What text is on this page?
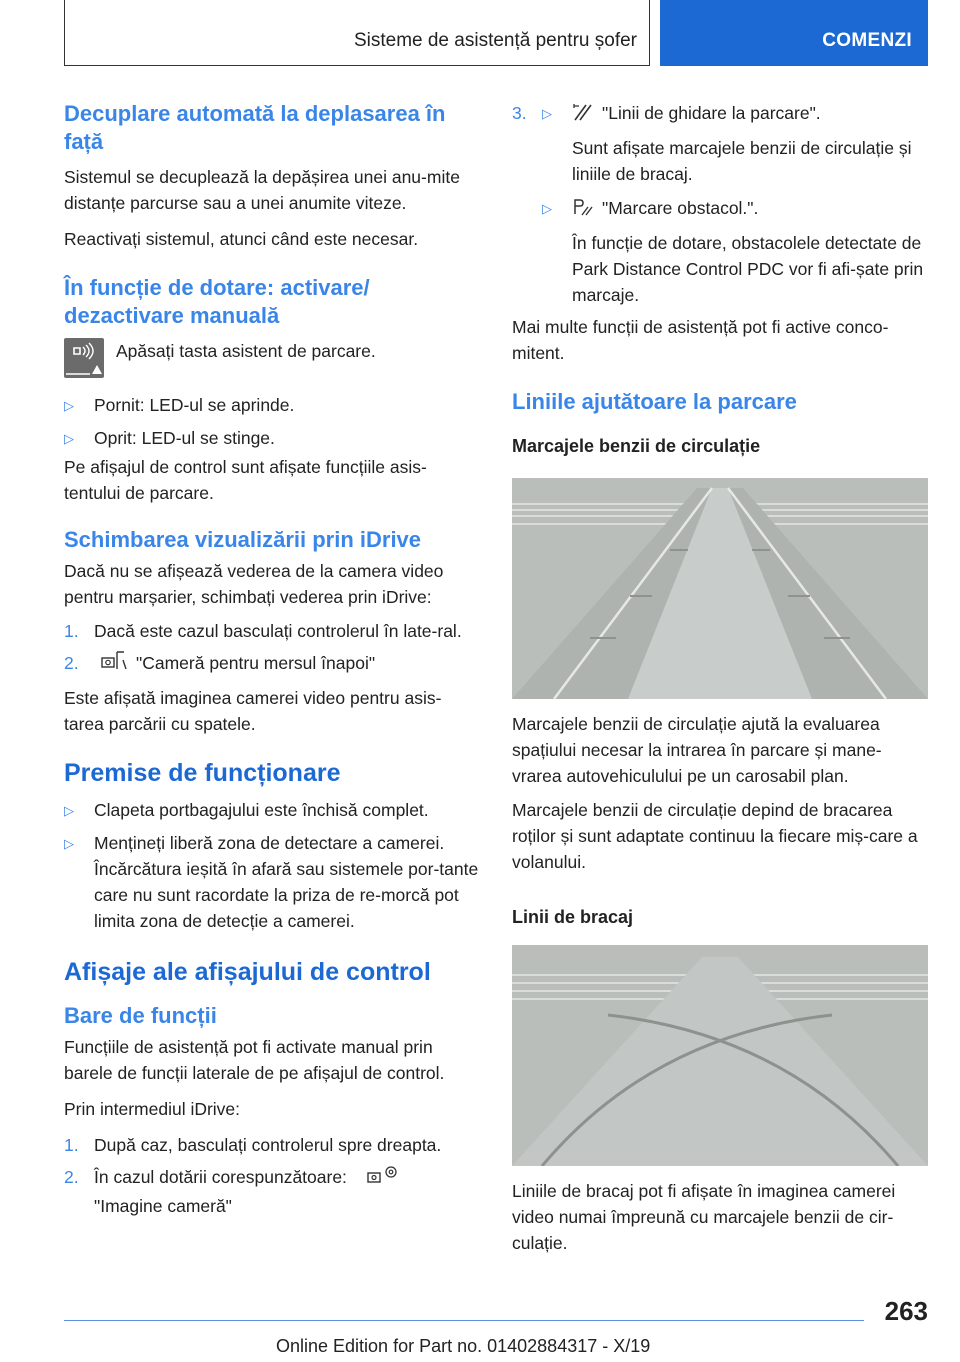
Sisteme de asistență pentru șofer	COMENZI
Decuplare automată la deplasarea în față
Sistemul se decuplează la depășirea unei anu-mite distanțe parcurse sau a unei anumite viteze.
Reactivați sistemul, atunci când este necesar.
În funcție de dotare: activare/ dezactivare manuală
Apăsați tasta asistent de parcare.
▷	Pornit: LED-ul se aprinde.
▷	Oprit: LED-ul se stinge.
Pe afișajul de control sunt afișate funcțiile asis-tentului de parcare.
Schimbarea vizualizării prin iDrive
Dacă nu se afișează vederea de la camera video pentru marșarier, schimbați vederea prin iDrive:
1. Dacă este cazul basculați controlerul în late-ral.
2.	"Cameră pentru mersul înapoi"
Este afișată imaginea camerei video pentru asis-tarea parcării cu spatele.
Premise de funcționare
▷	Clapeta portbagajului este închisă complet.
▷	Mențineți liberă zona de detectare a camerei. Încărcătura ieșită în afară sau sistemele por-tante care nu sunt racordate la priza de re-morcă pot limita zona de detecție a camerei.
Afișaje ale afișajului de control
Bare de funcții
Funcțiile de asistență pot fi activate manual prin barele de funcții laterale de pe afișajul de control.
Prin intermediul iDrive:
1. După caz, basculați controlerul spre dreapta.
2. În cazul dotării corespunzătoare:
"Imagine cameră"
3.	▷	"Linii de ghidare la parcare".
Sunt afișate marcajele benzii de circulație și liniile de bracaj.
▷	"Marcare obstacol.".
În funcție de dotare, obstacolele detectate de Park Distance Control PDC vor fi afi-șate prin marcaje.
Mai multe funcții de asistență pot fi active conco-mitent.
Liniile ajutătoare la parcare
Marcajele benzii de circulație
Marcajele benzii de circulație ajută la evaluarea spațiului necesar la intrarea în parcare și mane-vrarea autovehiculului pe un carosabil plan.
Marcajele benzii de circulație depind de bracarea roților și sunt adaptate continuu la fiecare miș-care a volanului.
Linii de bracaj
Liniile de bracaj pot fi afișate în imaginea camerei video numai împreună cu marcajele benzii de cir-culație.
263
Online Edition for Part no. 01402884317 - X/19
